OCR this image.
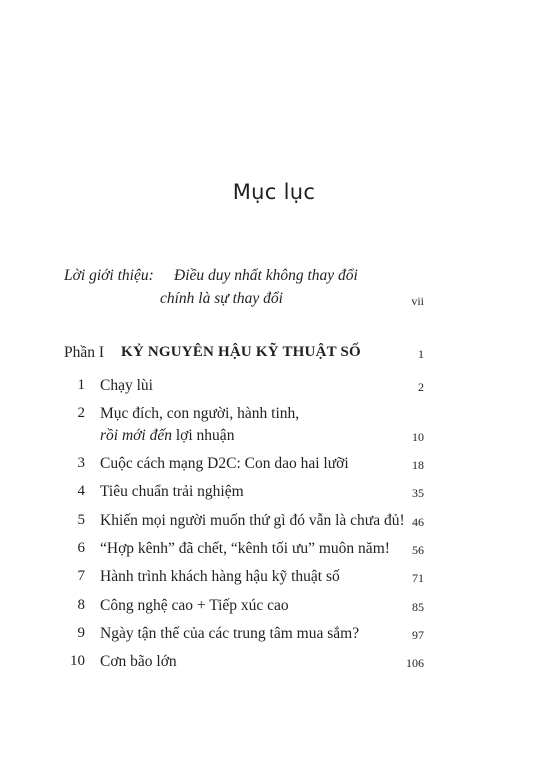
Mục lục
Lời giới thiệu: Điều duy nhất không thay đổi
chính là sự thay đổi	vii
Phần I KỶ NGUYÊN HẬU KỸ THUẬT SỐ	1
1 Chạy lùi	2
2 Mục đích, con người, hành tinh,
rồi mới đến lợi nhuận	10
3 Cuộc cách mạng D2C: Con dao hai lưỡi	18
4 Tiêu chuẩn trải nghiệm	35
5 Khiến mọi người muốn thứ gì đó vẫn là chưa đủ! 46
6 “Hợp kênh” đã chết, “kênh tối ưu” muôn năm! 56
7 Hành trình khách hàng hậu kỹ thuật số	71
8 Công nghệ cao + Tiếp xúc cao	85
9 Ngày tận thế của các trung tâm mua sắm?	97
10 Cơn bão lớn	106
